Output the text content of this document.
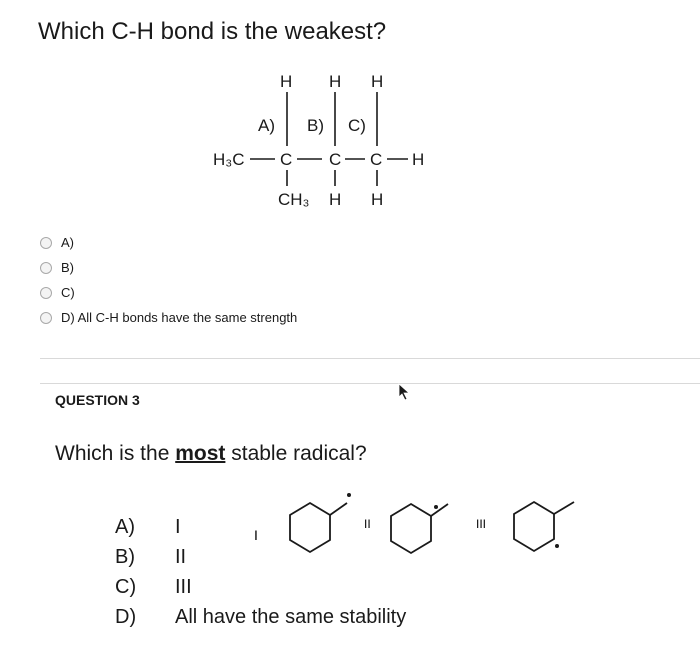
Which C-H bond is the weakest?
H H H
A) B) C)
H₃C C C C H
CH₃ H H
A)
B)
C)
D) All C-H bonds have the same strength
QUESTION 3
Which is the most stable radical?
I
II	III
A)	I
B)	II
C)	III
D)	All have the same stability
